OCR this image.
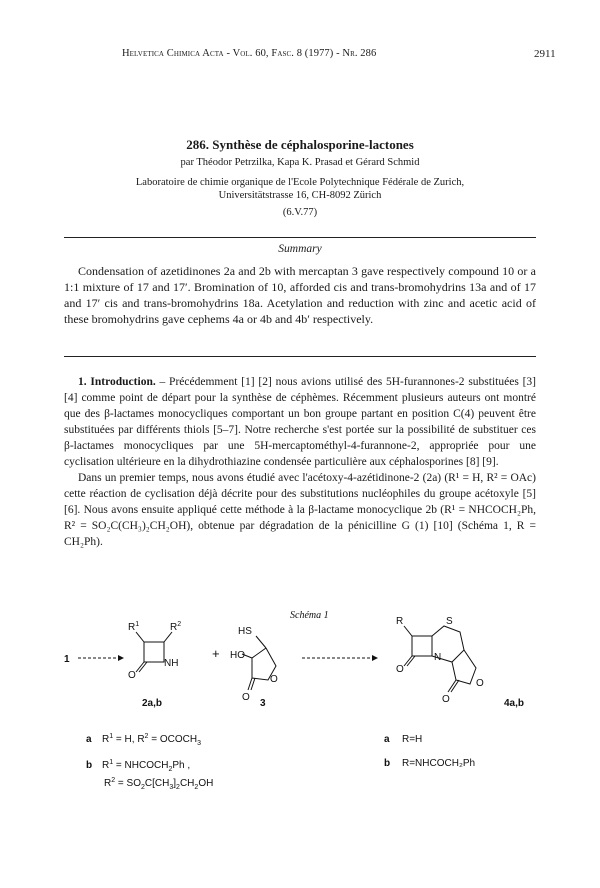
Helvetica Chimica Acta - Vol. 60, Fasc. 8 (1977) - Nr. 286	2911
286. Synthèse de céphalosporine-lactones
par Théodor Petrzilka, Kapa K. Prasad et Gérard Schmid
Laboratoire de chimie organique de l'Ecole Polytechnique Fédérale de Zurich,
Universitätstrasse 16, CH-8092 Zürich
(6.V.77)
Summary

Condensation of azetidinones 2a and 2b with mercaptan 3 gave respectively compound 10 or a 1:1 mixture of 17 and 17′. Bromination of 10, afforded cis and trans-bromohydrins 13a and of 17 and 17′ cis and trans-bromohydrins 18a. Acetylation and reduction with zinc and acetic acid of these bromohydrins gave cephems 4a or 4b and 4b′ respectively.

1. Introduction. – Précédemment [1] [2] nous avions utilisé des 5H-furannones-2 substituées [3] [4] comme point de départ pour la synthèse de céphèmes. Récemment plusieurs auteurs ont montré que des β-lactames monocycliques comportant un bon groupe partant en position C(4) peuvent être substituées par différents thiols [5–7]. Notre recherche s'est portée sur la possibilité de substituer ces β-lactames monocycliques par une 5H-mercaptométhyl-4-furannone-2, appropriée pour une cyclisation ultérieure en la dihydrothiazine condensée particulière aux céphalosporines [8] [9].

Dans un premier temps, nous avons étudié avec l'acétoxy-4-azétidinone-2 (2a) (R¹ = H, R² = OAc) cette réaction de cyclisation déjà décrite pour des substitutions nucléophiles du groupe acétoxyle [5] [6]. Nous avons ensuite appliqué cette méthode à la β-lactame monocyclique 2b (R¹ = NHCOCH₂Ph, R² = SO₂C(CH₃)₂CH₂OH), obtenue par dégradation de la pénicilline G (1) [10] (Schéma 1, R = CH₂Ph).

Schéma 1
1
$R^1$	$R^2$
NH
O
2a,b
+
HS
HO
O
O
3
R	S
N
O
O
O
4a,b
a $R^1 = H$, $R^2$ = $OCOCH_3$
b $R^1$ = $NHCOCH_2Ph$ ,
$R^2 = SO_2C[CH_3]_2CH_2OH$
a R=H
b R=NHCOCH₂Ph
